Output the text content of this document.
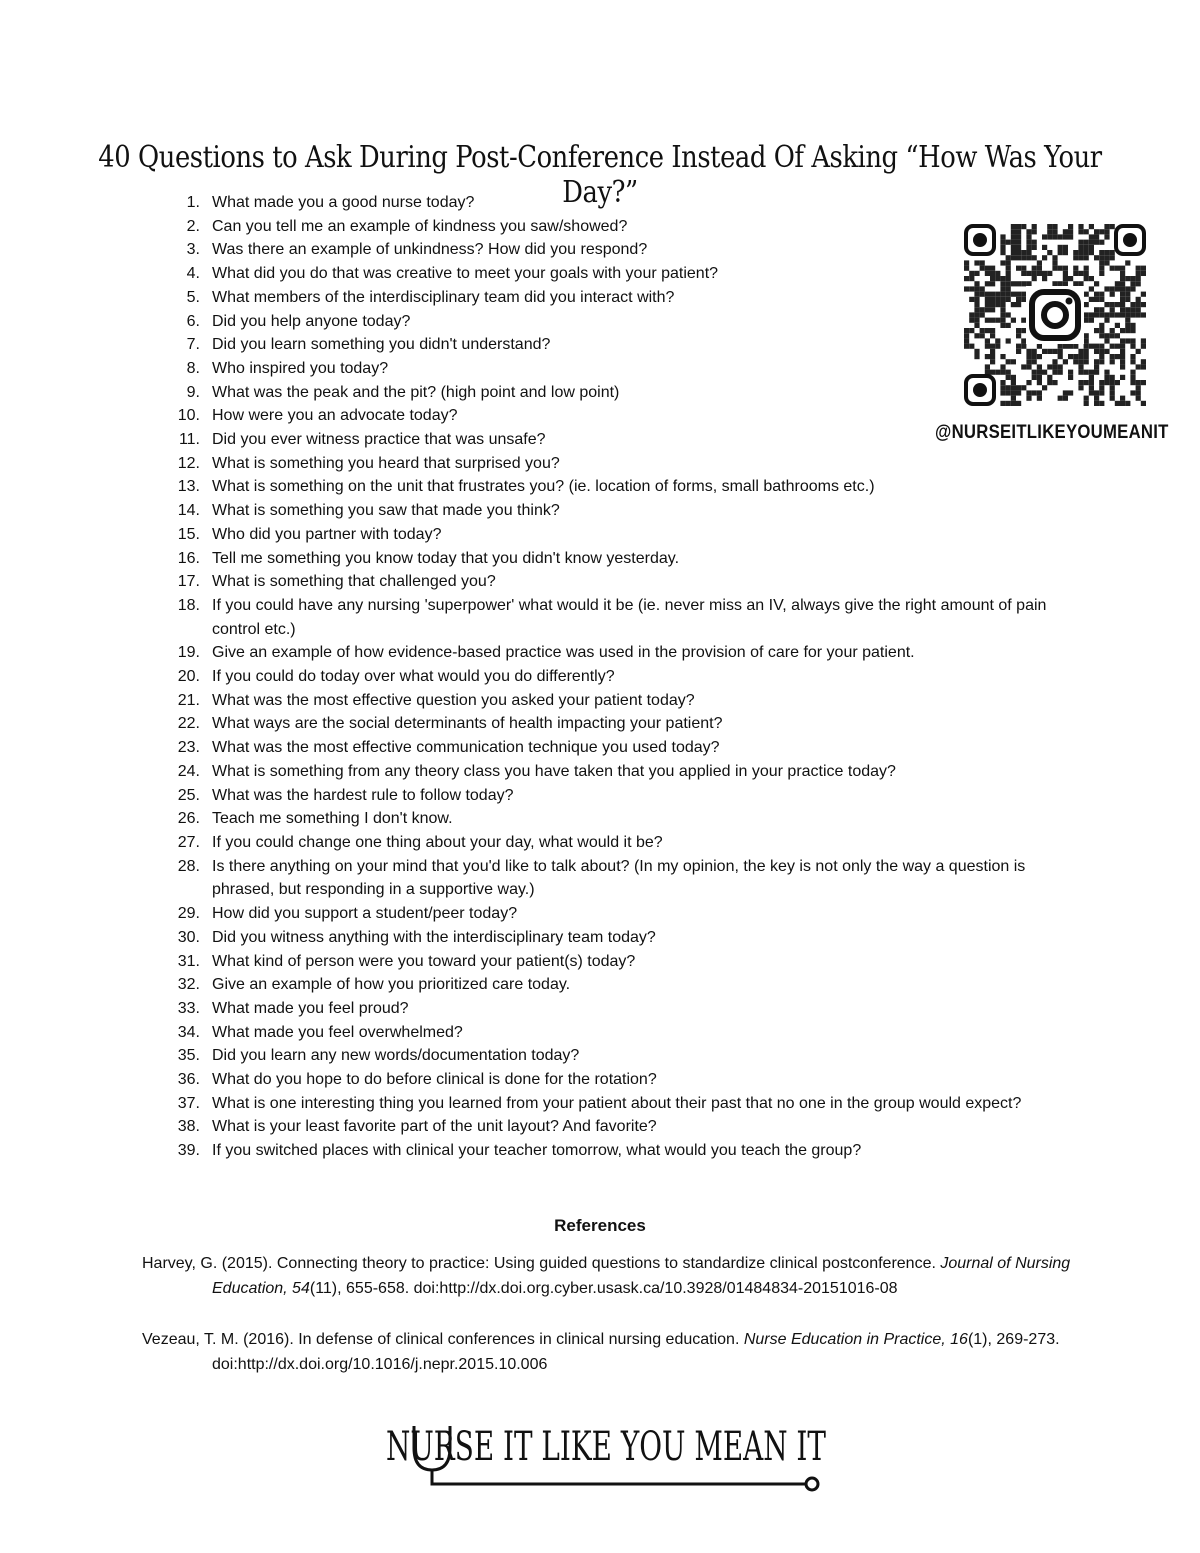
40 Questions to Ask During Post-Conference Instead Of Asking “How Was Your Day?”
1. What made you a good nurse today?
2. Can you tell me an example of kindness you saw/showed?
3. Was there an example of unkindness? How did you respond?
4. What did you do that was creative to meet your goals with your patient?
5. What members of the interdisciplinary team did you interact with?
6. Did you help anyone today?
7. Did you learn something you didn't understand?
8. Who inspired you today?
9. What was the peak and the pit? (high point and low point)
10. How were you an advocate today?
11. Did you ever witness practice that was unsafe?
12. What is something you heard that surprised you?
13. What is something on the unit that frustrates you? (ie. location of forms, small bathrooms etc.)
14. What is something you saw that made you think?
15. Who did you partner with today?
16. Tell me something you know today that you didn't know yesterday.
17. What is something that challenged you?
18. If you could have any nursing 'superpower' what would it be (ie. never miss an IV, always give the right amount of pain control etc.)
19. Give an example of how evidence-based practice was used in the provision of care for your patient.
20. If you could do today over what would you do differently?
21. What was the most effective question you asked your patient today?
22. What ways are the social determinants of health impacting your patient?
23. What was the most effective communication technique you used today?
24. What is something from any theory class you have taken that you applied in your practice today?
25. What was the hardest rule to follow today?
26. Teach me something I don't know.
27. If you could change one thing about your day, what would it be?
28. Is there anything on your mind that you'd like to talk about? (In my opinion, the key is not only the way a question is phrased, but responding in a supportive way.)
29. How did you support a student/peer today?
30. Did you witness anything with the interdisciplinary team today?
31. What kind of person were you toward your patient(s) today?
32. Give an example of how you prioritized care today.
33. What made you feel proud?
34. What made you feel overwhelmed?
35. Did you learn any new words/documentation today?
36. What do you hope to do before clinical is done for the rotation?
37. What is one interesting thing you learned from your patient about their past that no one in the group would expect?
38. What is your least favorite part of the unit layout? And favorite?
39. If you switched places with clinical your teacher tomorrow, what would you teach the group?
@NURSEITLIKEYOUMEANIT
References
Harvey, G. (2015). Connecting theory to practice: Using guided questions to standardize clinical postconference. Journal of Nursing Education, 54(11), 655-658. doi:http://dx.doi.org.cyber.usask.ca/10.3928/01484834-20151016-08
Vezeau, T. M. (2016). In defense of clinical conferences in clinical nursing education. Nurse Education in Practice, 16(1), 269-273. doi:http://dx.doi.org/10.1016/j.nepr.2015.10.006
NURSE IT LIKE YOU MEAN IT
